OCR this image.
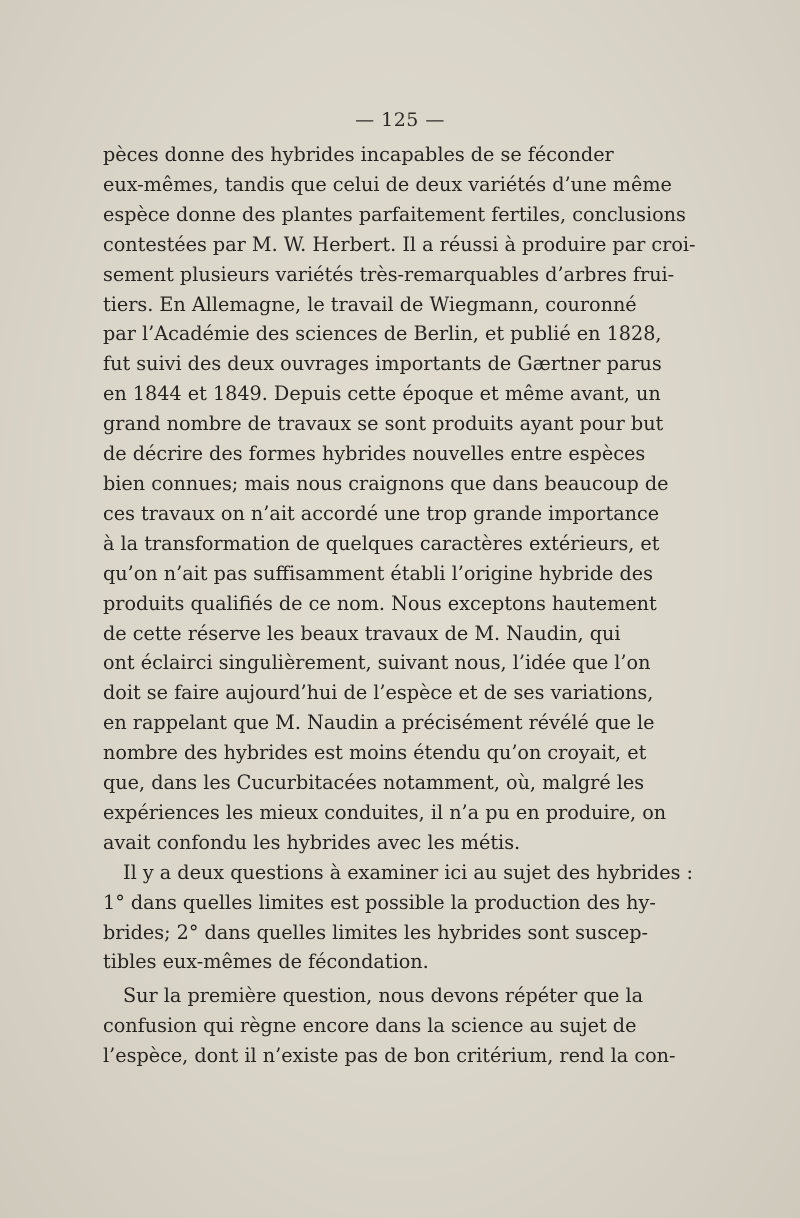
— 125 —
pèces donne des hybrides incapables de se féconder
eux-mêmes, tandis que celui de deux variétés d’une même
espèce donne des plantes parfaitement fertiles, conclusions
contestées par M. W. Herbert. Il a réussi à produire par croi-
sement plusieurs variétés très-remarquables d’arbres frui-
tiers. En Allemagne, le travail de Wiegmann, couronné
par l’Académie des sciences de Berlin, et publié en 1828,
fut suivi des deux ouvrages importants de Gærtner parus
en 1844 et 1849. Depuis cette époque et même avant, un
grand nombre de travaux se sont produits ayant pour but
de décrire des formes hybrides nouvelles entre espèces
bien connues; mais nous craignons que dans beaucoup de
ces travaux on n’ait accordé une trop grande importance
à la transformation de quelques caractères extérieurs, et
qu’on n’ait pas suffisamment établi l’origine hybride des
produits qualifiés de ce nom. Nous exceptons hautement
de cette réserve les beaux travaux de M. Naudin, qui
ont éclairci singulièrement, suivant nous, l’idée que l’on
doit se faire aujourd’hui de l’espèce et de ses variations,
en rappelant que M. Naudin a précisément révélé que le
nombre des hybrides est moins étendu qu’on croyait, et
que, dans les Cucurbitacées notamment, où, malgré les
expériences les mieux conduites, il n’a pu en produire, on
avait confondu les hybrides avec les métis.
Il y a deux questions à examiner ici au sujet des hybrides :
1° dans quelles limites est possible la production des hy-
brides; 2° dans quelles limites les hybrides sont suscep-
tibles eux-mêmes de fécondation.
Sur la première question, nous devons répéter que la
confusion qui règne encore dans la science au sujet de
l’espèce, dont il n’existe pas de bon critérium, rend la con-
